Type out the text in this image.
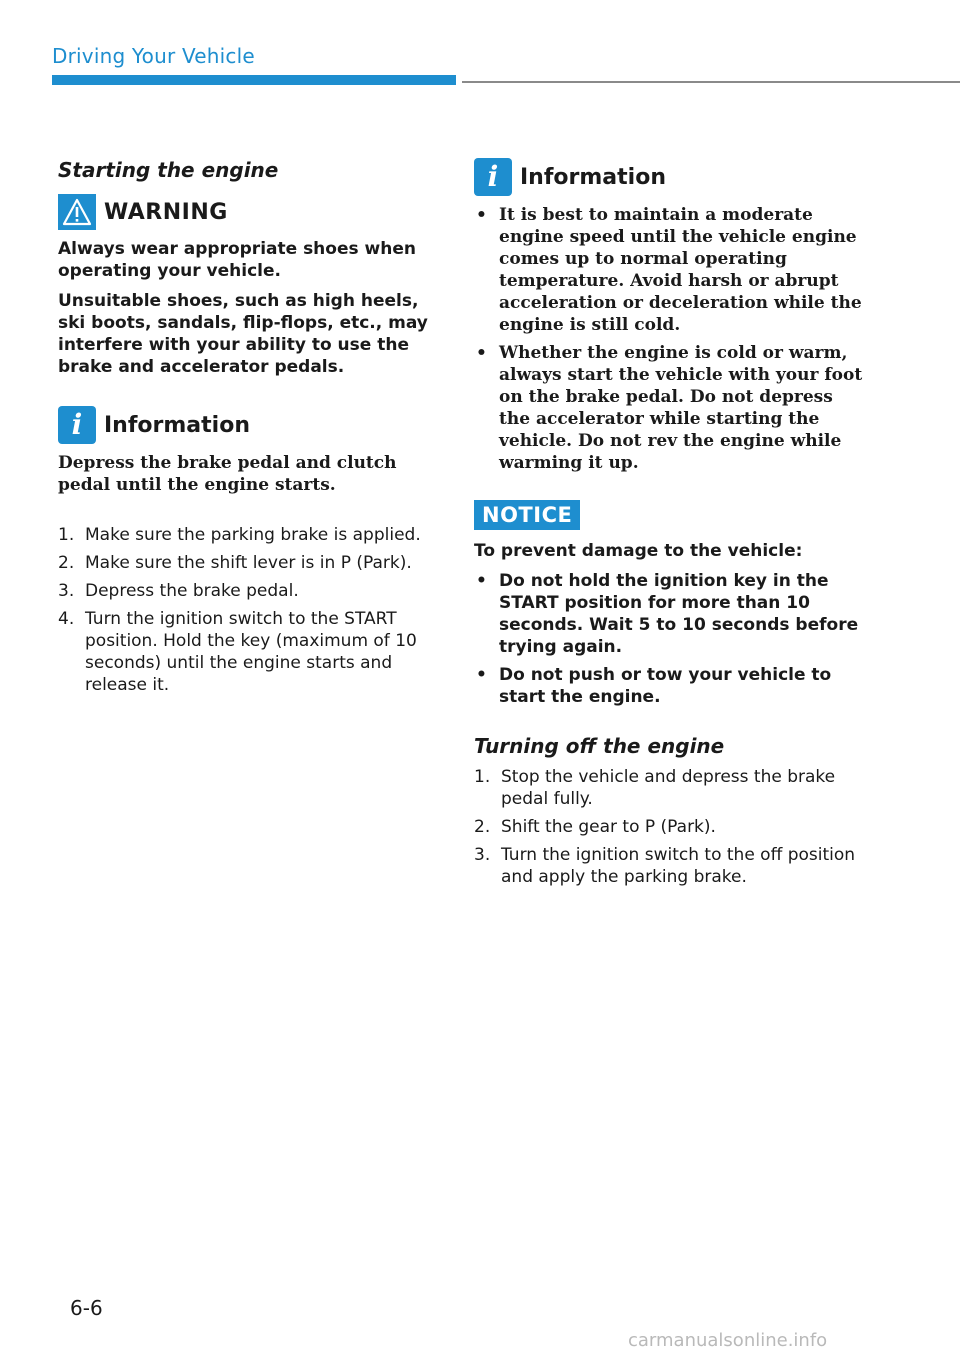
Driving Your Vehicle
Starting the engine
WARNING

Always wear appropriate shoes when operating your vehicle.

Unsuitable shoes, such as high heels, ski boots, sandals, flip-flops, etc., may interfere with your ability to use the brake and accelerator pedals.

i Information

Depress the brake pedal and clutch pedal until the engine starts.

1. Make sure the parking brake is applied.
2. Make sure the shift lever is in P (Park).
3. Depress the brake pedal.
4. Turn the ignition switch to the START position. Hold the key (maximum of 10 seconds) until the engine starts and release it.
i Information
• It is best to maintain a moderate engine speed until the vehicle engine comes up to normal operating temperature. Avoid harsh or abrupt acceleration or deceleration while the engine is still cold.
• Whether the engine is cold or warm, always start the vehicle with your foot on the brake pedal. Do not depress the accelerator while starting the vehicle. Do not rev the engine while warming it up.
NOTICE

To prevent damage to the vehicle:

• Do not hold the ignition key in the START position for more than 10 seconds. Wait 5 to 10 seconds before trying again.
• Do not push or tow your vehicle to start the engine.
Turning off the engine
1. Stop the vehicle and depress the brake pedal fully.
2. Shift the gear to P (Park).
3. Turn the ignition switch to the off position and apply the parking brake.
6-6
carmanualsonline.info
